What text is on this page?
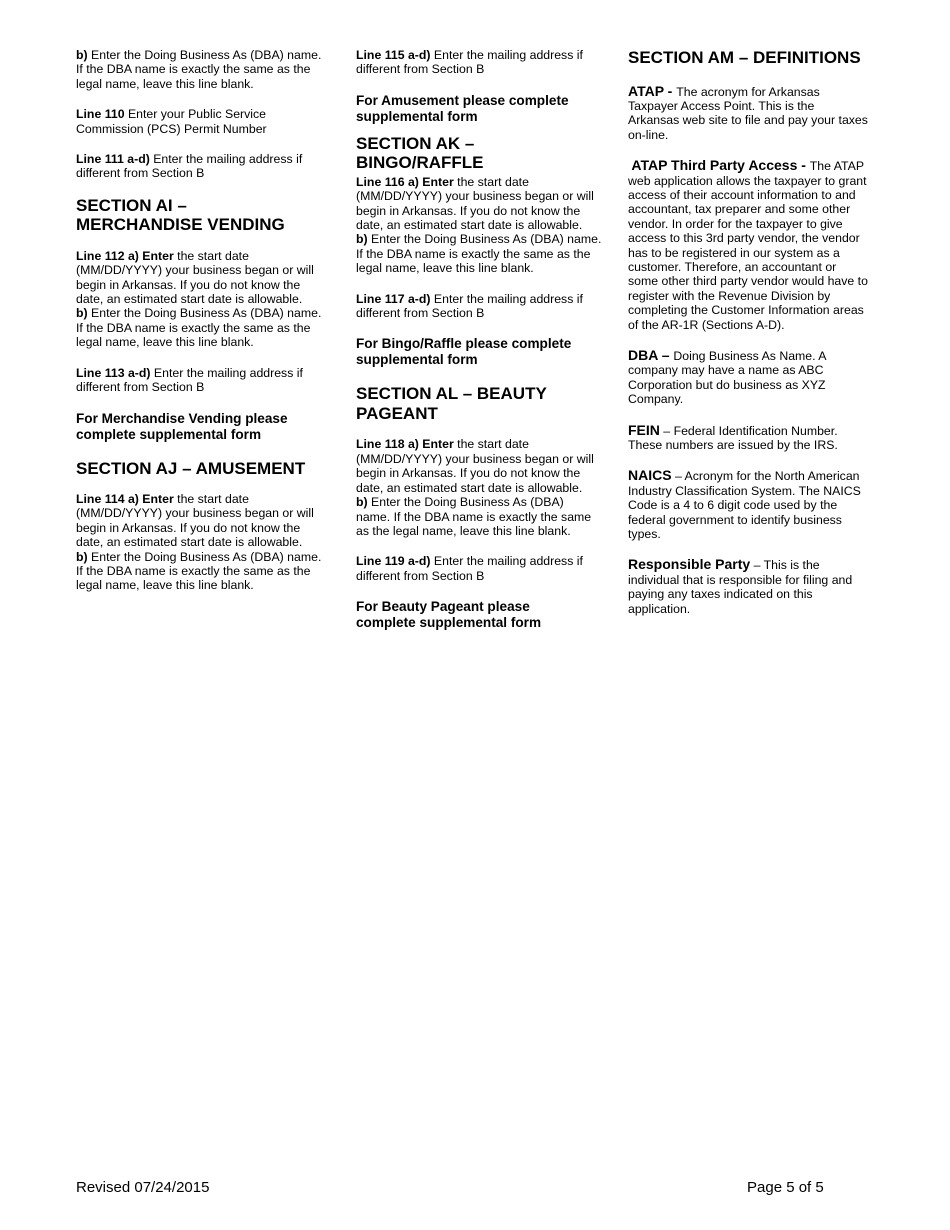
b) Enter the Doing Business As (DBA) name. If the DBA name is exactly the same as the legal name, leave this line blank.

Line 110 Enter your Public Service Commission (PCS) Permit Number

Line 111 a-d) Enter the mailing address if different from Section B

SECTION AI – MERCHANDISE VENDING

Line 112 a) Enter the start date (MM/DD/YYYY) your business began or will begin in Arkansas. If you do not know the date, an estimated start date is allowable.
b) Enter the Doing Business As (DBA) name. If the DBA name is exactly the same as the legal name, leave this line blank.

Line 113 a-d) Enter the mailing address if different from Section B

For Merchandise Vending please complete supplemental form
SECTION AJ – AMUSEMENT

Line 114 a) Enter the start date (MM/DD/YYYY) your business began or will begin in Arkansas. If you do not know the date, an estimated start date is allowable.
b) Enter the Doing Business As (DBA) name. If the DBA name is exactly the same as the legal name, leave this line blank.

Line 115 a-d) Enter the mailing address if different from Section B

For Amusement please complete supplemental form
SECTION AK – BINGO/RAFFLE

Line 116 a) Enter the start date (MM/DD/YYYY) your business began or will begin in Arkansas. If you do not know the date, an estimated start date is allowable.
b) Enter the Doing Business As (DBA) name. If the DBA name is exactly the same as the legal name, leave this line blank.

Line 117 a-d) Enter the mailing address if different from Section B

For Bingo/Raffle please complete supplemental form
SECTION AL – BEAUTY PAGEANT

Line 118 a) Enter the start date (MM/DD/YYYY) your business began or will begin in Arkansas. If you do not know the date, an estimated start date is allowable. b) Enter the Doing Business As (DBA) name. If the DBA name is exactly the same as the legal name, leave this line blank.

Line 119 a-d) Enter the mailing address if different from Section B

For Beauty Pageant please complete supplemental form
SECTION AM – DEFINITIONS

ATAP - The acronym for Arkansas Taxpayer Access Point. This is the Arkansas web site to file and pay your taxes on-line.

ATAP Third Party Access - The ATAP web application allows the taxpayer to grant access of their account information to and accountant, tax preparer and some other vendor. In order for the taxpayer to give access to this 3rd party vendor, the vendor has to be registered in our system as a customer. Therefore, an accountant or some other third party vendor would have to register with the Revenue Division by completing the Customer Information areas of the AR-1R (Sections A-D).

DBA – Doing Business As Name. A company may have a name as ABC Corporation but do business as XYZ Company.

FEIN – Federal Identification Number. These numbers are issued by the IRS.

NAICS – Acronym for the North American Industry Classification System. The NAICS Code is a 4 to 6 digit code used by the federal government to identify business types.

Responsible Party – This is the individual that is responsible for filing and paying any taxes indicated on this application.

Revised 07/24/2015	Page 5 of 5
